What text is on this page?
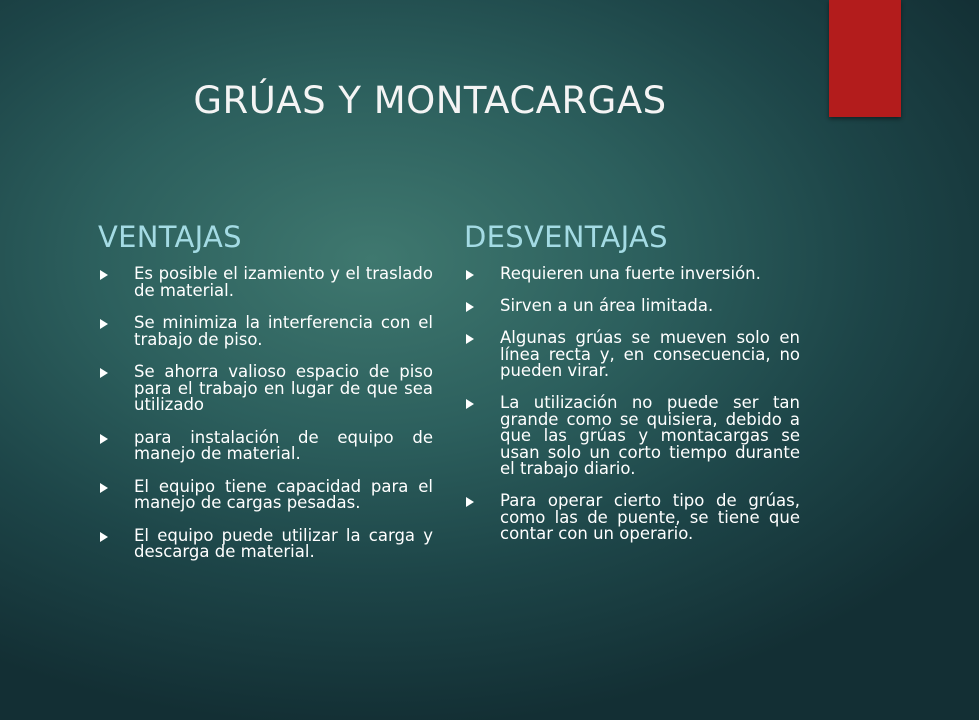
GRÚAS Y MONTACARGAS
VENTAJAS
Es posible el izamiento y el traslado de material.
Se minimiza la interferencia con el trabajo de piso.
Se ahorra valioso espacio de piso para el trabajo en lugar de que sea utilizado
para instalación de equipo de manejo de material.
El equipo tiene capacidad para el manejo de cargas pesadas.
El equipo puede utilizar la carga y descarga de material.
DESVENTAJAS
Requieren una fuerte inversión.
Sirven a un área limitada.
Algunas grúas se mueven solo en línea recta y, en consecuencia, no pueden virar.
La utilización no puede ser tan grande como se quisiera, debido a que las grúas y montacargas se usan solo un corto tiempo durante el trabajo diario.
Para operar cierto tipo de grúas, como las de puente, se tiene que contar con un operario.
